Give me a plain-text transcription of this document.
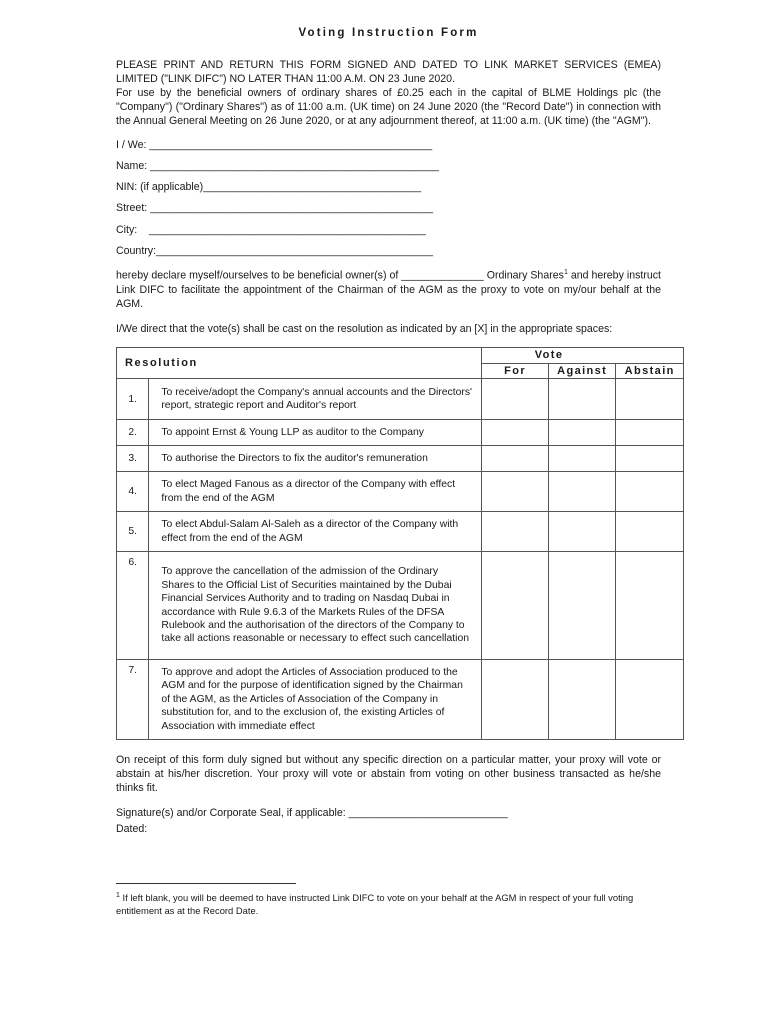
Voting Instruction Form
PLEASE PRINT AND RETURN THIS FORM SIGNED AND DATED TO LINK MARKET SERVICES (EMEA) LIMITED ("LINK DIFC") NO LATER THAN 11:00 A.M. ON 23 June 2020.
For use by the beneficial owners of ordinary shares of £0.25 each in the capital of BLME Holdings plc (the "Company") ("Ordinary Shares") as of 11:00 a.m. (UK time) on 24 June 2020 (the "Record Date") in connection with the Annual General Meeting on 26 June 2020, or at any adjournment thereof, at 11:00 a.m. (UK time) (the "AGM").
I / We: ________________________________________________
Name: _________________________________________________
NIN: (if applicable)_____________________________________
Street: ________________________________________________
City: _______________________________________________
Country:_______________________________________________
hereby declare myself/ourselves to be beneficial owner(s) of ______________ Ordinary Shares$^1$ and hereby instruct Link DIFC to facilitate the appointment of the Chairman of the AGM as the proxy to vote on my/our behalf at the AGM.
I/We direct that the vote(s) shall be cast on the resolution as indicated by an [X] in the appropriate spaces:
Resolution		Vote		
		For	Against	Abstain
1.	To receive/adopt the Company's annual accounts and the Directors' report, strategic report and Auditor's report			
2.	To appoint Ernst & Young LLP as auditor to the Company			
3.	To authorise the Directors to fix the auditor's remuneration			
4.	To elect Maged Fanous as a director of the Company with effect from the end of the AGM			
5.	To elect Abdul-Salam Al-Saleh as a director of the Company with effect from the end of the AGM			
6.	To approve the cancellation of the admission of the Ordinary Shares to the Official List of Securities maintained by the Dubai Financial Services Authority and to trading on Nasdaq Dubai in accordance with Rule 9.6.3 of the Markets Rules of the DFSA Rulebook and the authorisation of the directors of the Company to take all actions reasonable or necessary to effect such cancellation			
7.	To approve and adopt the Articles of Association produced to the AGM and for the purpose of identification signed by the Chairman of the AGM, as the Articles of Association of the Company in substitution for, and to the exclusion of, the existing Articles of Association with immediate effect			
On receipt of this form duly signed but without any specific direction on a particular matter, your proxy will vote or abstain at his/her discretion. Your proxy will vote or abstain from voting on other business transacted as he/she thinks fit.
Signature(s) and/or Corporate Seal, if applicable: ___________________________
Dated:
$^1$ If left blank, you will be deemed to have instructed Link DIFC to vote on your behalf at the AGM in respect of your full voting entitlement as at the Record Date.
